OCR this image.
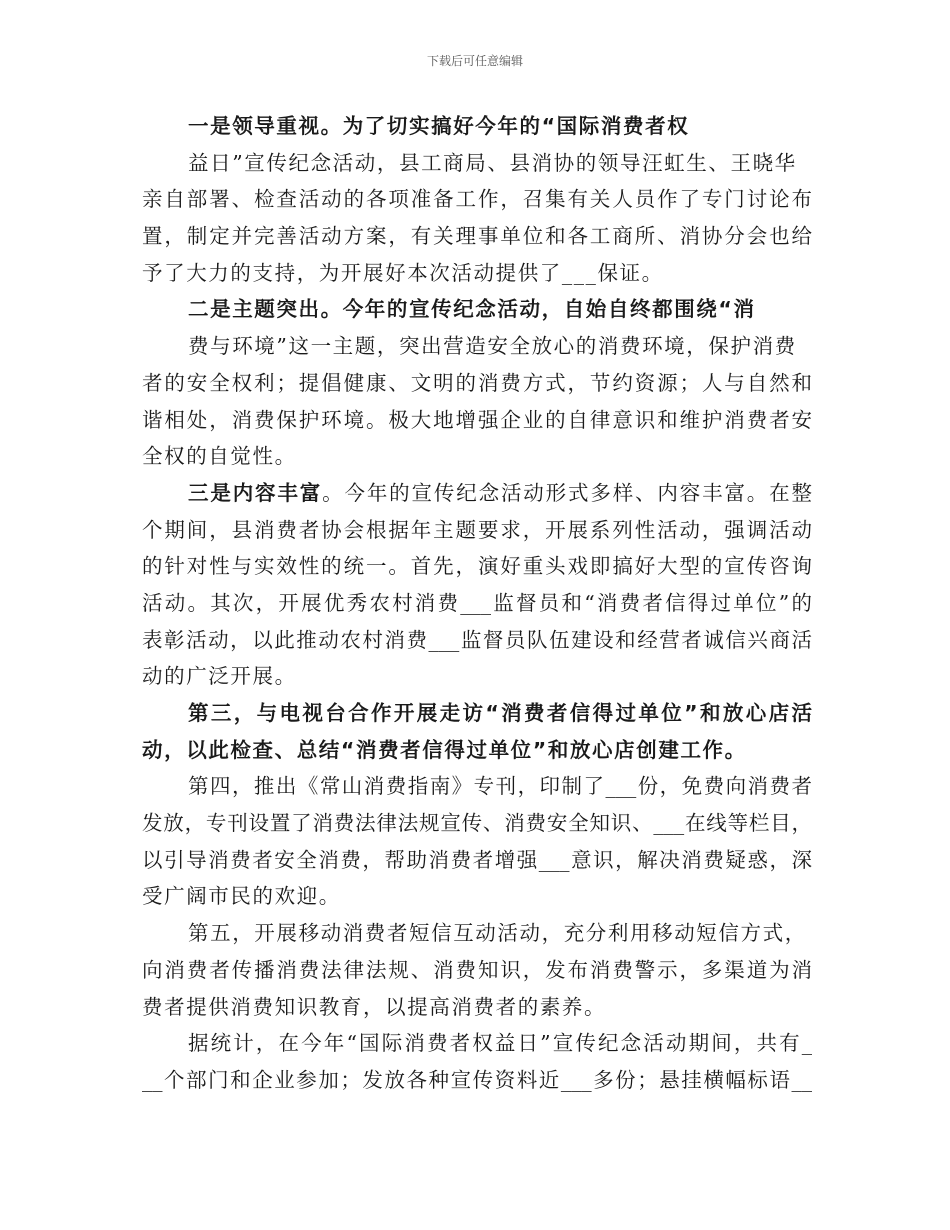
下载后可任意编辑
一是领导重视。为了切实搞好今年的“国际消费者权
益日”宣传纪念活动，县工商局、县消协的领导汪虹生、王晓华
亲自部署、检查活动的各项准备工作，召集有关人员作了专门讨论布
置，制定并完善活动方案，有关理事单位和各工商所、消协分会也给
予了大力的支持，为开展好本次活动提供了___保证。
二是主题突出。今年的宣传纪念活动，自始自终都围绕“消
费与环境”这一主题，突出营造安全放心的消费环境，保护消费
者的安全权利；提倡健康、文明的消费方式，节约资源；人与自然和
谐相处，消费保护环境。极大地增强企业的自律意识和维护消费者安
全权的自觉性。
三是内容丰富。今年的宣传纪念活动形式多样、内容丰富。在整
个期间，县消费者协会根据年主题要求，开展系列性活动，强调活动
的针对性与实效性的统一。首先，演好重头戏即搞好大型的宣传咨询
活动。其次，开展优秀农村消费___监督员和“消费者信得过单位”的
表彰活动，以此推动农村消费___监督员队伍建设和经营者诚信兴商活
动的广泛开展。
第三，与电视台合作开展走访“消费者信得过单位”和放心店活
动，以此检查、总结“消费者信得过单位”和放心店创建工作。
第四，推出《常山消费指南》专刊，印制了___份，免费向消费者
发放，专刊设置了消费法律法规宣传、消费安全知识、___在线等栏目，
以引导消费者安全消费，帮助消费者增强___意识，解决消费疑惑，深
受广阔市民的欢迎。
第五，开展移动消费者短信互动活动，充分利用移动短信方式，
向消费者传播消费法律法规、消费知识，发布消费警示，多渠道为消
费者提供消费知识教育，以提高消费者的素养。
据统计，在今年“国际消费者权益日”宣传纪念活动期间，共有_
__个部门和企业参加；发放各种宣传资料近___多份；悬挂横幅标语__
